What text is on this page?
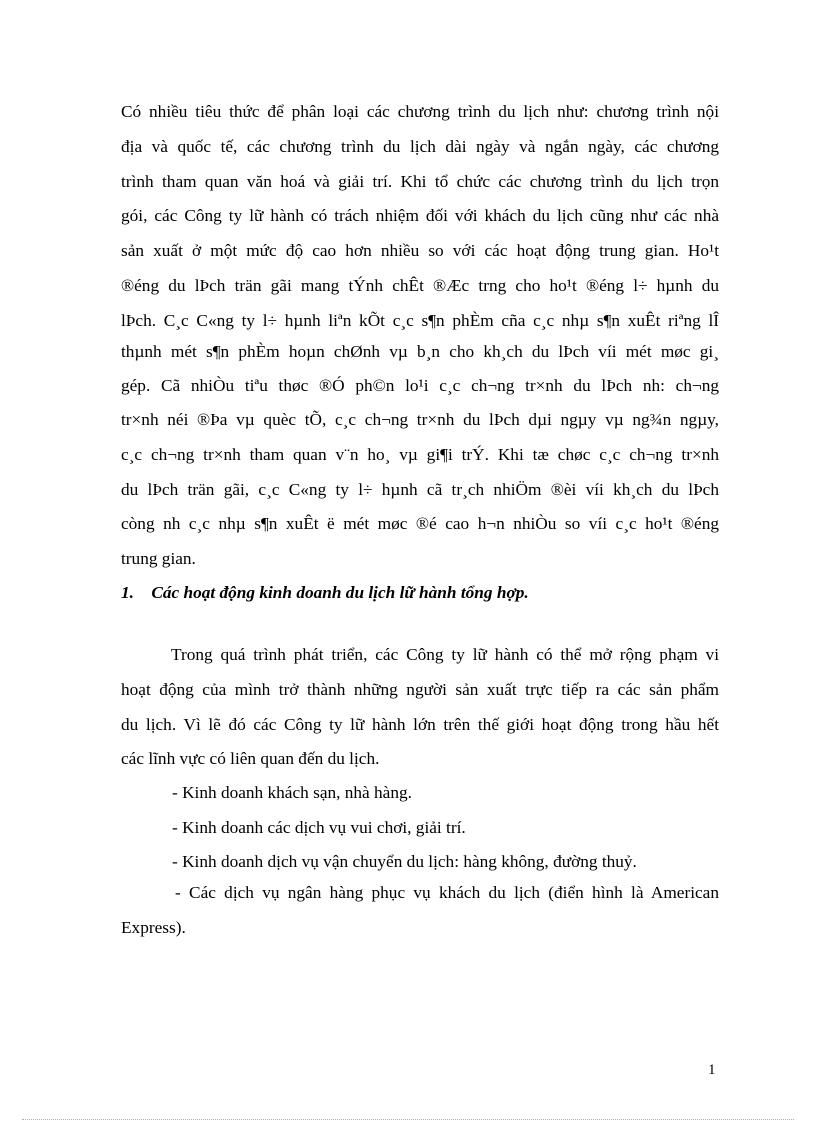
Có nhiều tiêu thức để phân loại các chương trình du lịch như: chương trình nội
địa và quốc tế, các chương trình du lịch dài ngày và ngắn ngày, các chương
trình tham quan văn hoá và giải trí. Khi tổ chức các chương trình du lịch trọn
gói, các Công ty lữ hành có trách nhiệm đối với khách du lịch cũng như các nhà
sản xuất ở một mức độ cao hơn nhiều so với các hoạt động trung gian. Ho¹t
®éng du lÞch trän gãi mang tÝnh chÊt ®Æc trng cho ho¹t ®éng l÷ hµnh du
lÞch. C¸c C«ng ty l÷ hµnh liªn kÕt c¸c s¶n phÈm cña c¸c nhµ s¶n xuÊt riªng lÎ
thµnh mét s¶n phÈm hoµn chØnh vµ b¸n cho kh¸ch du lÞch víi mét møc gi¸
gép. Cã nhiÒu tiªu thøc ®Ó ph©n lo¹i c¸c ch¬ng tr×nh du lÞch nh: ch¬ng
tr×nh néi ®Þa vµ quèc tÕ, c¸c ch¬ng tr×nh du lÞch dµi ngµy vµ ng¾n ngµy,
c¸c ch¬ng tr×nh tham quan v¨n ho¸ vµ gi¶i trÝ. Khi tæ chøc c¸c ch¬ng tr×nh
du lÞch trän gãi, c¸c C«ng ty l÷ hµnh cã tr¸ch nhiÖm ®èi víi kh¸ch du lÞch
còng nh c¸c nhµ s¶n xuÊt ë mét møc ®é cao h¬n nhiÒu so víi c¸c ho¹t ®éng
trung gian.
1. Các hoạt động kinh doanh du lịch lữ hành tổng hợp.
Trong quá trình phát triển, các Công ty lữ hành có thể mở rộng phạm vi
hoạt động của mình trở thành những người sản xuất trực tiếp ra các sản phẩm
du lịch. Vì lẽ đó các Công ty lữ hành lớn trên thế giới hoạt động trong hầu hết
các lĩnh vực có liên quan đến du lịch.
- Kinh doanh khách sạn, nhà hàng.
- Kinh doanh các dịch vụ vui chơi, giải trí.
- Kinh doanh dịch vụ vận chuyển du lịch: hàng không, đường thuỷ.
- Các dịch vụ ngân hàng phục vụ khách du lịch (điển hình là American
Express).
1
